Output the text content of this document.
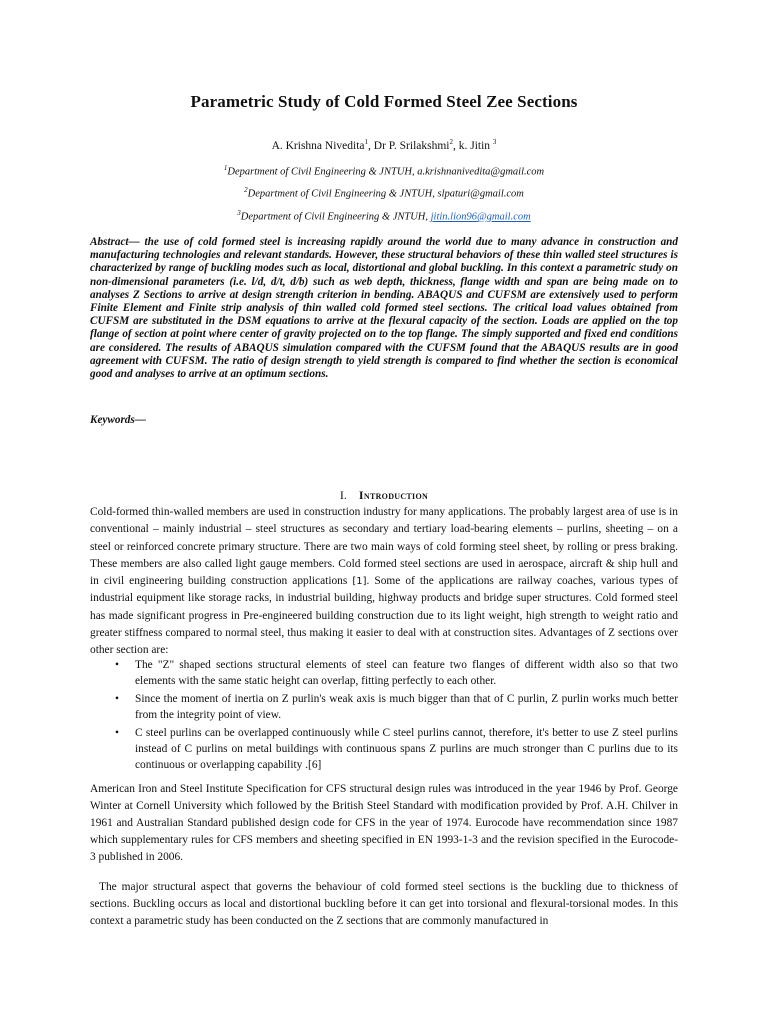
Parametric Study of Cold Formed Steel Zee Sections
A. Krishna Nivedita$^1$, Dr P. Srilakshmi$^2$, k. Jitin $^3$
$^1$Department of Civil Engineering & JNTUH, a.krishnanivedita@gmail.com
$^2$Department of Civil Engineering & JNTUH, slpaturi@gmail.com
$^3$Department of Civil Engineering & JNTUH, jitin.lion96@gmail.com
Abstract— the use of cold formed steel is increasing rapidly around the world due to many advance in construction and manufacturing technologies and relevant standards. However, these structural behaviors of these thin walled steel structures is characterized by range of buckling modes such as local, distortional and global buckling. In this context a parametric study on non-dimensional parameters (i.e. l/d, d/t, d/b) such as web depth, thickness, flange width and span are being made on to analyses Z Sections to arrive at design strength criterion in bending. ABAQUS and CUFSM are extensively used to perform Finite Element and Finite strip analysis of thin walled cold formed steel sections. The critical load values obtained from CUFSM are substituted in the DSM equations to arrive at the flexural capacity of the section. Loads are applied on the top flange of section at point where center of gravity projected on to the top flange. The simply supported and fixed end conditions are considered. The results of ABAQUS simulation compared with the CUFSM found that the ABAQUS results are in good agreement with CUFSM. The ratio of design strength to yield strength is compared to find whether the section is economical good and analyses to arrive at an optimum sections.
Keywords—
I. Introduction
Cold-formed thin-walled members are used in construction industry for many applications. The probably largest area of use is in conventional – mainly industrial – steel structures as secondary and tertiary load-bearing elements – purlins, sheeting – on a steel or reinforced concrete primary structure. There are two main ways of cold forming steel sheet, by rolling or press braking. These members are also called light gauge members. Cold formed steel sections are used in aerospace, aircraft & ship hull and in civil engineering building construction applications [1]. Some of the applications are railway coaches, various types of industrial equipment like storage racks, in industrial building, highway products and bridge super structures. Cold formed steel has made significant progress in Pre-engineered building construction due to its light weight, high strength to weight ratio and greater stiffness compared to normal steel, thus making it easier to deal with at construction sites. Advantages of Z sections over other section are:
• The "Z" shaped sections structural elements of steel can feature two flanges of different width also so that two elements with the same static height can overlap, fitting perfectly to each other.
• Since the moment of inertia on Z purlin's weak axis is much bigger than that of C purlin, Z purlin works much better from the integrity point of view.
• C steel purlins can be overlapped continuously while C steel purlins cannot, therefore, it's better to use Z steel purlins instead of C purlins on metal buildings with continuous spans Z purlins are much stronger than C purlins due to its continuous or overlapping capability .[6]
American Iron and Steel Institute Specification for CFS structural design rules was introduced in the year 1946 by Prof. George Winter at Cornell University which followed by the British Steel Standard with modification provided by Prof. A.H. Chilver in 1961 and Australian Standard published design code for CFS in the year of 1974. Eurocode have recommendation since 1987 which supplementary rules for CFS members and sheeting specified in EN 1993-1-3 and the revision specified in the Eurocode-3 published in 2006.
The major structural aspect that governs the behaviour of cold formed steel sections is the buckling due to thickness of sections. Buckling occurs as local and distortional buckling before it can get into torsional and flexural-torsional modes. In this context a parametric study has been conducted on the Z sections that are commonly manufactured in
